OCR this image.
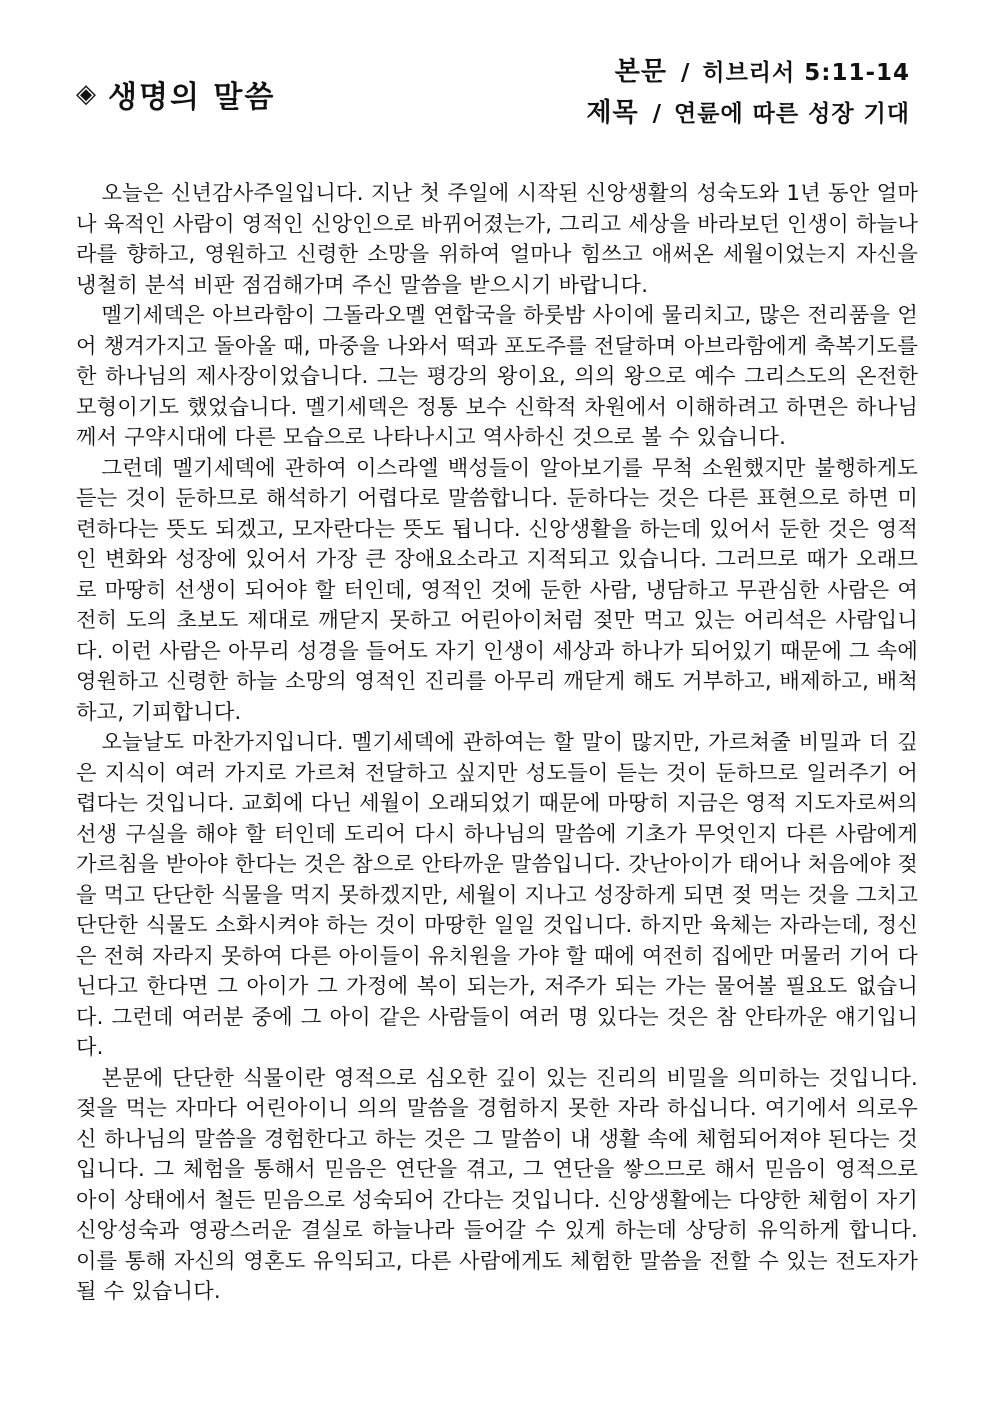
◈ 생명의 말씀
본문 / 히브리서 5:11-14
제목 / 연륜에 따른 성장 기대

오늘은 신년감사주일입니다. 지난 첫 주일에 시작된 신앙생활의 성숙도와 1년 동안 얼마나 육적인 사람이 영적인 신앙인으로 바뀌어졌는가, 그리고 세상을 바라보던 인생이 하늘나라를 향하고, 영원하고 신령한 소망을 위하여 얼마나 힘쓰고 애써온 세월이었는지 자신을 냉철히 분석 비판 점검해가며 주신 말씀을 받으시기 바랍니다.

멜기세덱은 아브라함이 그돌라오멜 연합국을 하룻밤 사이에 물리치고, 많은 전리품을 얻어 챙겨가지고 돌아올 때, 마중을 나와서 떡과 포도주를 전달하며 아브라함에게 축복기도를 한 하나님의 제사장이었습니다. 그는 평강의 왕이요, 의의 왕으로 예수 그리스도의 온전한 모형이기도 했었습니다. 멜기세덱은 정통 보수 신학적 차원에서 이해하려고 하면은 하나님께서 구약시대에 다른 모습으로 나타나시고 역사하신 것으로 볼 수 있습니다.

그런데 멜기세덱에 관하여 이스라엘 백성들이 알아보기를 무척 소원했지만 불행하게도 듣는 것이 둔하므로 해석하기 어렵다로 말씀합니다. 둔하다는 것은 다른 표현으로 하면 미련하다는 뜻도 되겠고, 모자란다는 뜻도 됩니다. 신앙생활을 하는데 있어서 둔한 것은 영적인 변화와 성장에 있어서 가장 큰 장애요소라고 지적되고 있습니다. 그러므로 때가 오래므로 마땅히 선생이 되어야 할 터인데, 영적인 것에 둔한 사람, 냉담하고 무관심한 사람은 여전히 도의 초보도 제대로 깨닫지 못하고 어린아이처럼 젖만 먹고 있는 어리석은 사람입니다. 이런 사람은 아무리 성경을 들어도 자기 인생이 세상과 하나가 되어있기 때문에 그 속에 영원하고 신령한 하늘 소망의 영적인 진리를 아무리 깨닫게 해도 거부하고, 배제하고, 배척하고, 기피합니다.

오늘날도 마찬가지입니다. 멜기세덱에 관하여는 할 말이 많지만, 가르쳐줄 비밀과 더 깊은 지식이 여러 가지로 가르쳐 전달하고 싶지만 성도들이 듣는 것이 둔하므로 일러주기 어렵다는 것입니다. 교회에 다닌 세월이 오래되었기 때문에 마땅히 지금은 영적 지도자로써의 선생 구실을 해야 할 터인데 도리어 다시 하나님의 말씀에 기초가 무엇인지 다른 사람에게 가르침을 받아야 한다는 것은 참으로 안타까운 말씀입니다. 갓난아이가 태어나 처음에야 젖을 먹고 단단한 식물을 먹지 못하겠지만, 세월이 지나고 성장하게 되면 젖 먹는 것을 그치고 단단한 식물도 소화시켜야 하는 것이 마땅한 일일 것입니다. 하지만 육체는 자라는데, 정신은 전혀 자라지 못하여 다른 아이들이 유치원을 가야 할 때에 여전히 집에만 머물러 기어 다닌다고 한다면 그 아이가 그 가정에 복이 되는가, 저주가 되는 가는 물어볼 필요도 없습니다. 그런데 여러분 중에 그 아이 같은 사람들이 여러 명 있다는 것은 참 안타까운 얘기입니다.

본문에 단단한 식물이란 영적으로 심오한 깊이 있는 진리의 비밀을 의미하는 것입니다. 젖을 먹는 자마다 어린아이니 의의 말씀을 경험하지 못한 자라 하십니다. 여기에서 의로우신 하나님의 말씀을 경험한다고 하는 것은 그 말씀이 내 생활 속에 체험되어져야 된다는 것입니다. 그 체험을 통해서 믿음은 연단을 겪고, 그 연단을 쌓으므로 해서 믿음이 영적으로 아이 상태에서 철든 믿음으로 성숙되어 간다는 것입니다. 신앙생활에는 다양한 체험이 자기 신앙성숙과 영광스러운 결실로 하늘나라 들어갈 수 있게 하는데 상당히 유익하게 합니다. 이를 통해 자신의 영혼도 유익되고, 다른 사람에게도 체험한 말씀을 전할 수 있는 전도자가 될 수 있습니다.
